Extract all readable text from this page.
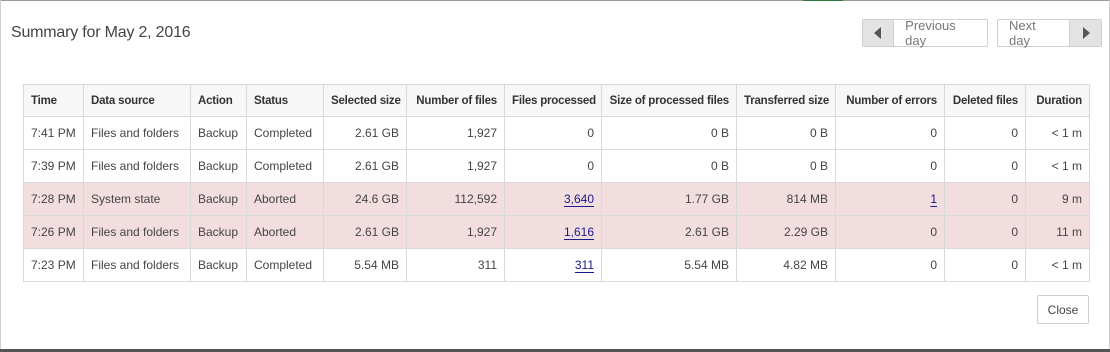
Summary for May 2, 2016	Previous day
Next day
Time	Data source	Action	Status	Selected size	Number of files	Files processed	Size of processed files	Transferred size	Number of errors	Deleted files	Duration
7:41 PM	Files and folders	Backup	Completed	2.61 GB	1,927	0	0 B	0 B	0	0	< 1 m
7:39 PM	Files and folders	Backup	Completed	2.61 GB	1,927	0	0 B	0 B	0	0	< 1 m
7:28 PM	System state	Backup	Aborted	24.6 GB	112,592	3,640	1.77 GB	814 MB	1	0	9 m
7:26 PM	Files and folders	Backup	Aborted	2.61 GB	1,927	1,616	2.61 GB	2.29 GB	0	0	11 m
7:23 PM	Files and folders	Backup	Completed	5.54 MB	311	311	5.54 MB	4.82 MB	0	0	< 1 m
Close
